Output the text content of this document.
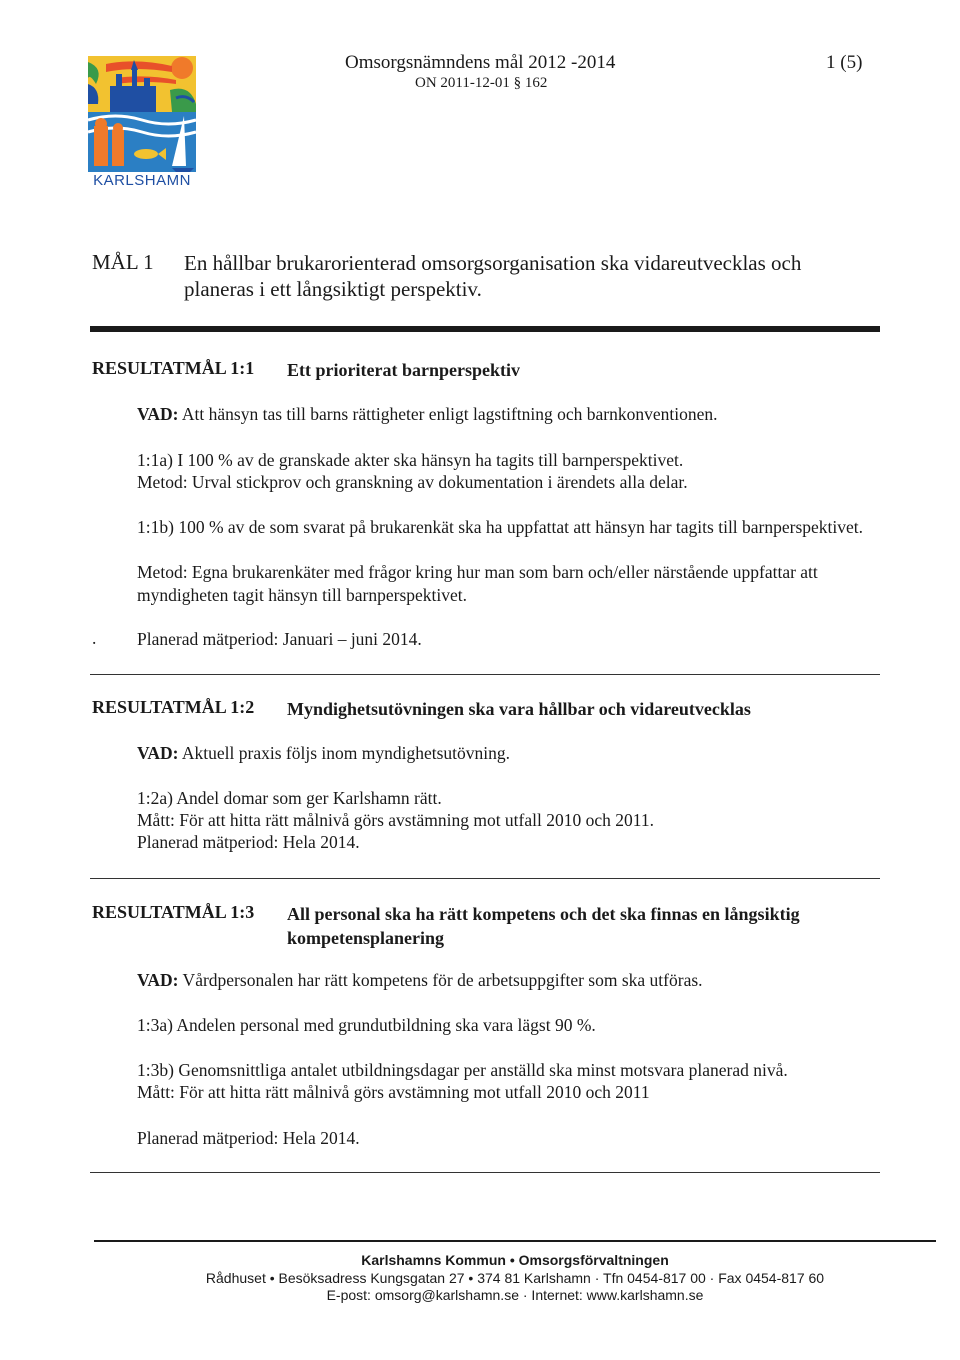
KARLSHAMN
Omsorgsnämndens mål 2012 -2014
ON 2011-12-01 § 162
1 (5)
MÅL 1 En hållbar brukarorienterad omsorgsorganisation ska vidareutvecklas och planeras i ett långsiktigt perspektiv.
RESULTATMÅL 1:1 Ett prioriterat barnperspektiv
VAD: Att hänsyn tas till barns rättigheter enligt lagstiftning och barnkonventionen.
1:1a) I 100 % av de granskade akter ska hänsyn ha tagits till barnperspektivet.
Metod: Urval stickprov och granskning av dokumentation i ärendets alla delar.
1:1b) 100 % av de som svarat på brukarenkät ska ha uppfattat att hänsyn har tagits till barnperspektivet.
Metod: Egna brukarenkäter med frågor kring hur man som barn och/eller närstående uppfattar att myndigheten tagit hänsyn till barnperspektivet.
. Planerad mätperiod: Januari – juni 2014.
RESULTATMÅL 1:2 Myndighetsutövningen ska vara hållbar och vidareutvecklas
VAD: Aktuell praxis följs inom myndighetsutövning.
1:2a) Andel domar som ger Karlshamn rätt.
Mått: För att hitta rätt målnivå görs avstämning mot utfall 2010 och 2011.
Planerad mätperiod: Hela 2014.
RESULTATMÅL 1:3 All personal ska ha rätt kompetens och det ska finnas en långsiktig kompetensplanering
VAD: Vårdpersonalen har rätt kompetens för de arbetsuppgifter som ska utföras.
1:3a) Andelen personal med grundutbildning ska vara lägst 90 %.
1:3b) Genomsnittliga antalet utbildningsdagar per anställd ska minst motsvara planerad nivå.
Mått: För att hitta rätt målnivå görs avstämning mot utfall 2010 och 2011
Planerad mätperiod: Hela 2014.
Karlshamns Kommun • Omsorgsförvaltningen
Rådhuset • Besöksadress Kungsgatan 27 • 374 81 Karlshamn · Tfn 0454-817 00 · Fax 0454-817 60
E-post: omsorg@karlshamn.se · Internet: www.karlshamn.se
